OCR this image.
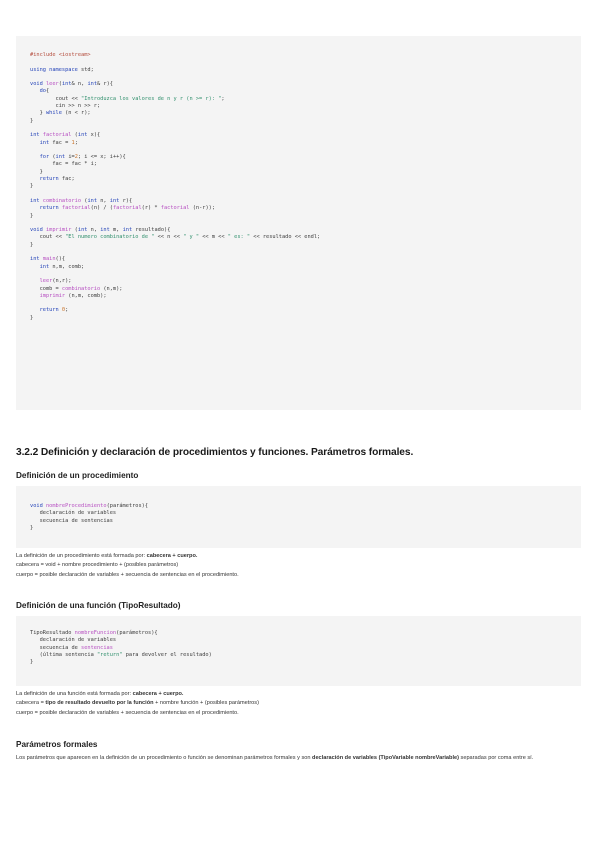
#include <iostream>
using namespace std;
void leer(int& n, int& r){
do{
cout << "Introduzca los valores de n y r (n >= r): ";
cin >> n >> r;
} while (n < r);
}
int factorial (int x){
int fac = 1;
for (int i=2; i <= x; i++){
fac = fac * i;
}
return fac;
}
int combinatorio (int n, int r){
return factorial(n) / (factorial(r) * factorial (n-r));
}
void imprimir (int n, int m, int resultado){
cout << "El numero combinatorio de " << n << " y " << m << " es: " << resultado << endl;
}
int main(){
int n,m, comb;
leer(n,r);
comb = combinatorio (n,m);
imprimir (n,m, comb);
return 0;
}
3.2.2 Definición y declaración de procedimientos y funciones. Parámetros formales.
Definición de un procedimiento
void nombreProcedimiento(parámetros){
declaración de variables
secuencia de sentencias
}
La definición de un procedimiento está formada por: cabecera + cuerpo.
cabecera = void + nombre procedimiento + (posibles parámetros)
cuerpo = posible declaración de variables + secuencia de sentencias en el procedimiento.
Definición de una función (TipoResultado)
TipoResultado nombreFuncion(parámetros){
declaración de variables
secuencia de sentencias
(última sentencia "return" para devolver el resultado)
}
La definición de una función está formada por: cabecera + cuerpo.
cabecera = tipo de resultado devuelto por la función + nombre función + (posibles parámetros)
cuerpo = posible declaración de variables + secuencia de sentencias en el procedimiento.
Parámetros formales
Los parámetros que aparecen en la definición de un procedimiento o función se denominan parámetros formales y son declaración de variables (TipoVariable nombreVariable) separadas por coma entre sí.
